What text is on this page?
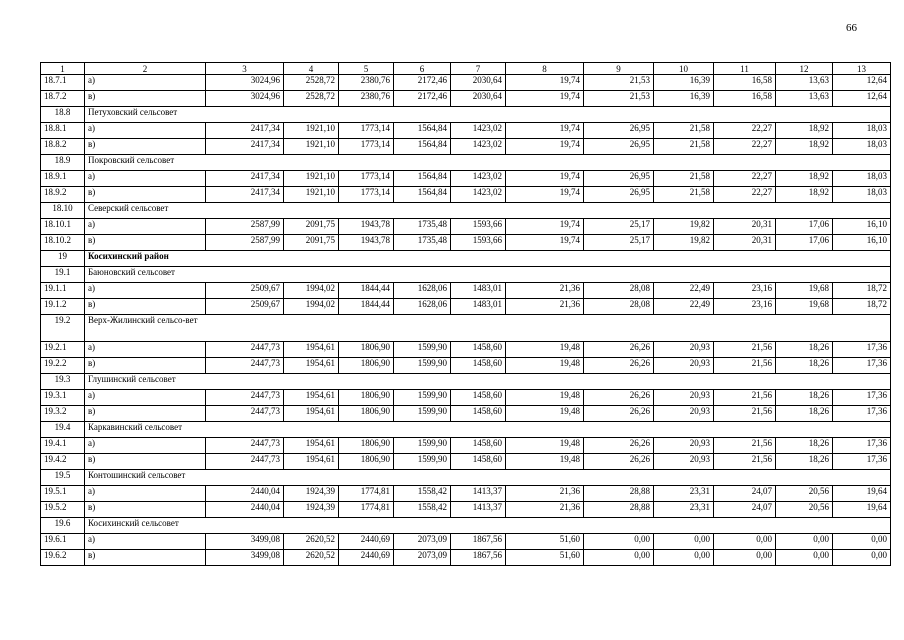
66
1	2	3	4	5	6	7	8	9	10	11	12	13
18.7.1	а)	3024,96	2528,72	2380,76	2172,46	2030,64	19,74	21,53	16,39	16,58	13,63	12,64
18.7.2	в)	3024,96	2528,72	2380,76	2172,46	2030,64	19,74	21,53	16,39	16,58	13,63	12,64
18.8	Петуховский сельсовет											
18.8.1	а)	2417,34	1921,10	1773,14	1564,84	1423,02	19,74	26,95	21,58	22,27	18,92	18,03
18.8.2	в)	2417,34	1921,10	1773,14	1564,84	1423,02	19,74	26,95	21,58	22,27	18,92	18,03
18.9	Покровский сельсовет											
18.9.1	а)	2417,34	1921,10	1773,14	1564,84	1423,02	19,74	26,95	21,58	22,27	18,92	18,03
18.9.2	в)	2417,34	1921,10	1773,14	1564,84	1423,02	19,74	26,95	21,58	22,27	18,92	18,03
18.10	Северский сельсовет											
18.10.1	а)	2587,99	2091,75	1943,78	1735,48	1593,66	19,74	25,17	19,82	20,31	17,06	16,10
18.10.2	в)	2587,99	2091,75	1943,78	1735,48	1593,66	19,74	25,17	19,82	20,31	17,06	16,10
19	Косихинский район											
19.1	Баюновский сельсовет											
19.1.1	а)	2509,67	1994,02	1844,44	1628,06	1483,01	21,36	28,08	22,49	23,16	19,68	18,72
19.1.2	в)	2509,67	1994,02	1844,44	1628,06	1483,01	21,36	28,08	22,49	23,16	19,68	18,72
19.2	Верх-Жилинский сельсо-вет											
19.2.1	а)	2447,73	1954,61	1806,90	1599,90	1458,60	19,48	26,26	20,93	21,56	18,26	17,36
19.2.2	в)	2447,73	1954,61	1806,90	1599,90	1458,60	19,48	26,26	20,93	21,56	18,26	17,36
19.3	Глушинский сельсовет											
19.3.1	а)	2447,73	1954,61	1806,90	1599,90	1458,60	19,48	26,26	20,93	21,56	18,26	17,36
19.3.2	в)	2447,73	1954,61	1806,90	1599,90	1458,60	19,48	26,26	20,93	21,56	18,26	17,36
19.4	Каркавинский сельсовет											
19.4.1	а)	2447,73	1954,61	1806,90	1599,90	1458,60	19,48	26,26	20,93	21,56	18,26	17,36
19.4.2	в)	2447,73	1954,61	1806,90	1599,90	1458,60	19,48	26,26	20,93	21,56	18,26	17,36
19.5	Контошинский сельсовет											
19.5.1	а)	2440,04	1924,39	1774,81	1558,42	1413,37	21,36	28,88	23,31	24,07	20,56	19,64
19.5.2	в)	2440,04	1924,39	1774,81	1558,42	1413,37	21,36	28,88	23,31	24,07	20,56	19,64
19.6	Косихинский сельсовет											
19.6.1	а)	3499,08	2620,52	2440,69	2073,09	1867,56	51,60	0,00	0,00	0,00	0,00	0,00
19.6.2	в)	3499,08	2620,52	2440,69	2073,09	1867,56	51,60	0,00	0,00	0,00	0,00	0,00
